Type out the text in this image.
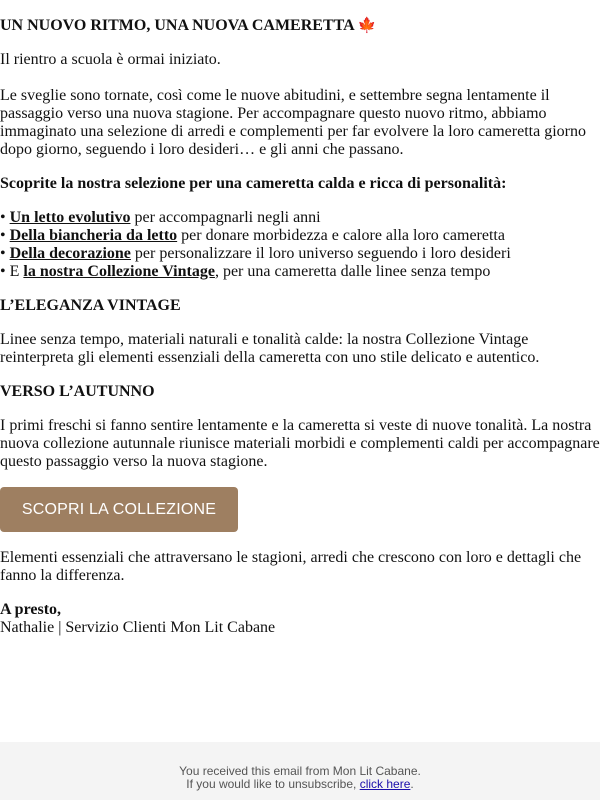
UN NUOVO RITMO, UNA NUOVA CAMERETTA 🍁

Il rientro a scuola è ormai iniziato.

Le sveglie sono tornate, così come le nuove abitudini, e settembre segna lentamente il passaggio verso una nuova stagione. Per accompagnare questo nuovo ritmo, abbiamo immaginato una selezione di arredi e complementi per far evolvere la loro cameretta giorno dopo giorno, seguendo i loro desideri… e gli anni che passano.

Scoprite la nostra selezione per una cameretta calda e ricca di personalità:

• Un letto evolutivo per accompagnarli negli anni

• Della biancheria da letto per donare morbidezza e calore alla loro cameretta

• Della decorazione per personalizzare il loro universo seguendo i loro desideri

• E la nostra Collezione Vintage, per una cameretta dalle linee senza tempo

L’ELEGANZA VINTAGE

Linee senza tempo, materiali naturali e tonalità calde: la nostra Collezione Vintage reinterpreta gli elementi essenziali della cameretta con uno stile delicato e autentico.

VERSO L’AUTUNNO

I primi freschi si fanno sentire lentamente e la cameretta si veste di nuove tonalità. La nostra nuova collezione autunnale riunisce materiali morbidi e complementi caldi per accompagnare questo passaggio verso la nuova stagione.

SCOPRI LA COLLEZIONE

Elementi essenziali che attraversano le stagioni, arredi che crescono con loro e dettagli che fanno la differenza.

A presto,

Nathalie | Servizio Clienti Mon Lit Cabane

You received this email from Mon Lit Cabane.
If you would like to unsubscribe, click here.
